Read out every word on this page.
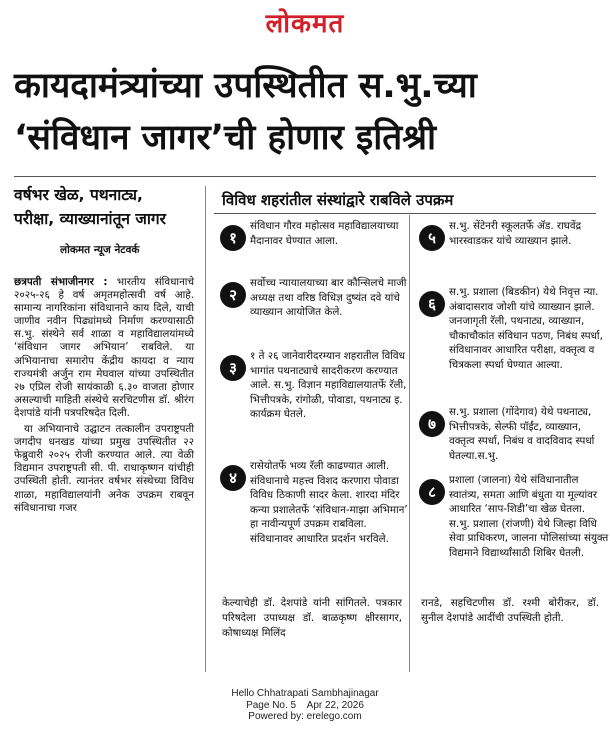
लोकमत
कायदामंत्र्यांच्या उपस्थितीत स.भु.च्या
‘संविधान जागर’ची होणार इतिश्री
वर्षभर खेळ, पथनाट्य,
परीक्षा, व्याख्यानांतून जागर
लोकमत न्यूज नेटवर्क
विविध शहरांतील संस्थांद्वारे राबविले उपक्रम

छत्रपती संभाजीनगर : भारतीय संविधानाचे २०२५-२६ हे वर्ष अमृतमहोत्सवी वर्ष आहे. सामान्य नागरिकांना संविधानाने काय दिले, याची जाणीव नवीन पिढ्यांमध्ये निर्माण करण्यासाठी स.भु. संस्थेने सर्व शाळा व महाविद्यालयांमध्ये ‘संविधान जागर अभियान’ राबविले. या अभियानाचा समारोप केंद्रीय कायदा व न्याय राज्यमंत्री अर्जुन राम मेघवाल यांच्या उपस्थितीत २७ एप्रिल रोजी सायंकाळी ६.३० वाजता होणार असल्याची माहिती संस्थेचे सरचिटणीस डॉ. श्रीरंग देशपांडे यांनी पत्रपरिषदेत दिली.

या अभियानाचे उद्घाटन तत्कालीन उपराष्ट्रपती जगदीप धनखड यांच्या प्रमुख उपस्थितीत २२ फेब्रुवारी २०२५ रोजी करण्यात आले. त्या वेळी विद्यमान उपराष्ट्रपती सी. पी. राधाकृष्णन यांचीही उपस्थिती होती. त्यानंतर वर्षभर संस्थेच्या विविध शाळा, महाविद्यालयांनी अनेक उपक्रम राबवून संविधानाचा गजर

१
संविधान गौरव महोत्सव महाविद्यालयाच्या मैदानावर घेण्यात आला.
२
सर्वोच्च न्यायालयाच्या बार कौन्सिलचे माजी अध्यक्ष तथा वरिष्ठ विधिज्ञ दुष्यंत दवे यांचे व्याख्यान आयोजित केले.
३
१ ते २६ जानेवारीदरम्यान शहरातील विविध भागांत पथनाट्याचे सादरीकरण करण्यात आले. स.भु. विज्ञान महाविद्यालयातर्फे रॅली, भित्तीपत्रके, रांगोळी, पोवाडा, पथनाट्य इ. कार्यक्रम घेतले.
४
रासेयोतर्फे भव्य रॅली काढण्यात आली. संविधानाचे महत्त्व विशद करणारा पोवाडा विविध ठिकाणी सादर केला. शारदा मंदिर कन्या प्रशालेतर्फे ‘संविधान-माझा अभिमान’ हा नावीन्यपूर्ण उपक्रम राबविला. संविधानावर आधारित प्रदर्शन भरविले.
५
स.भु. सेंटेनरी स्कूलतर्फे ॲड. राघवेंद्र भारस्वाडकर यांचे व्याख्यान झाले.
६
स.भु. प्रशाला (बिडकीन) येथे निवृत्त न्या. अंबादासराव जोशी यांचे व्याख्यान झाले. जनजागृती रॅली, पथनाट्य, व्याख्यान, चौकाचौकांत संविधान पठण, निबंध स्पर्धा, संविधानावर आधारित परीक्षा, वक्तृत्व व चित्रकला स्पर्धा घेण्यात आल्या.
७
स.भु. प्रशाला (गोंदेगाव) येथे पथनाट्य, भित्तीपत्रके, सेल्फी पॉईंट, व्याख्यान, वक्तृत्व स्पर्धा, निबंध व वादविवाद स्पर्धा घेतल्या.स.भु.
८
प्रशाला (जालना) येथे संविधानातील स्वातंत्र्य, समता आणि बंधुता या मूल्यांवर आधारित ‘साप-शिडी’चा खेळ घेतला. स.भु. प्रशाला (रांजणी) येथे जिल्हा विधि सेवा प्राधिकरण, जालना पोलिसांच्या संयुक्त विद्यमाने विद्यार्थ्यांसाठी शिबिर घेतली.
केल्याचेही डॉ. देशपांडे यांनी सांगितले. पत्रकार परिषदेला उपाध्यक्ष डॉ. बाळकृष्ण क्षीरसागर, कोषाध्यक्ष मिलिंद
रानडे, सहचिटणीस डॉ. रश्मी बोरीकर, डॉ. सुनील देशपांडे आदींची उपस्थिती होती.
Hello Chhatrapati Sambhajinagar
Page No. 5    Apr 22, 2026
Powered by: erelego.com
